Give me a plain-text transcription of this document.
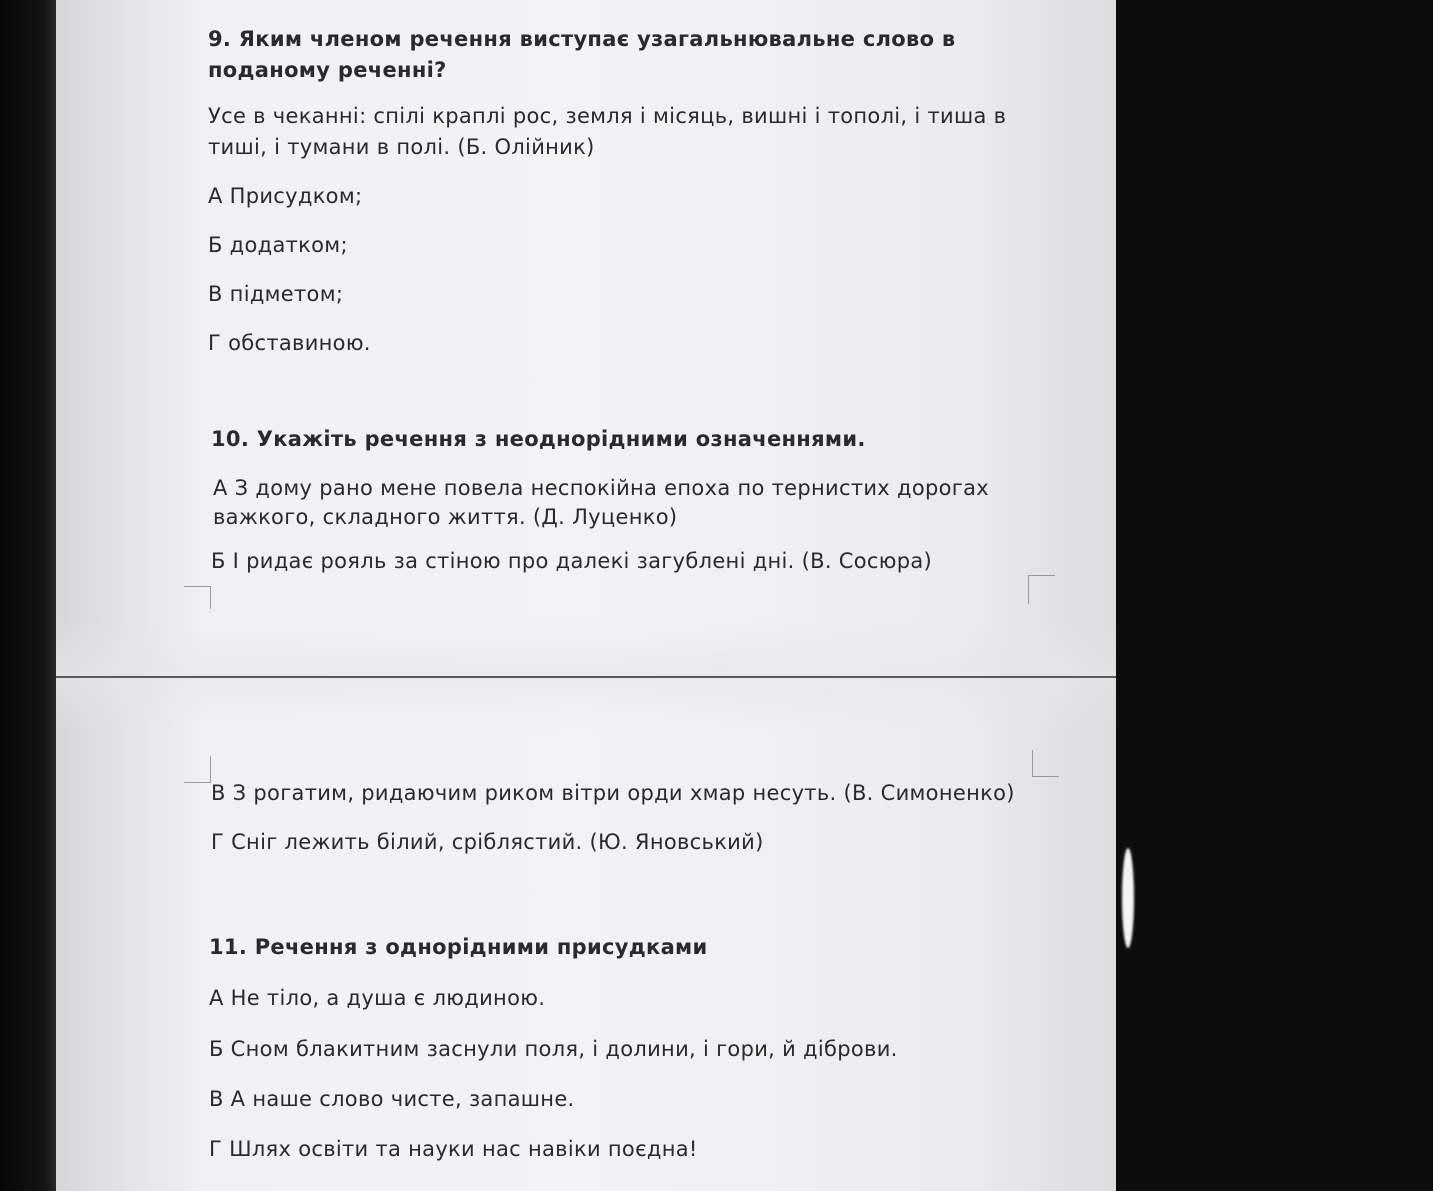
9. Яким членом речення виступає узагальнювальне слово в
поданому реченні?
Усе в чеканні: спілі краплі рос, земля і місяць, вишні і тополі, і тиша в
тиші, і тумани в полі. (Б. Олійник)
А Присудком;
Б додатком;
В підметом;
Г обставиною.
10. Укажіть речення з неоднорідними означеннями.
А З дому рано мене повела неспокійна епоха по тернистих дорогах
важкого, складного життя. (Д. Луценко)
Б І ридає рояль за стіною про далекі загублені дні. (В. Сосюра)
В З рогатим, ридаючим риком вітри орди хмар несуть. (В. Симоненко)
Г Сніг лежить білий, сріблястий. (Ю. Яновський)
11. Речення з однорідними присудками
А Не тіло, а душа є людиною.
Б Сном блакитним заснули поля, і долини, і гори, й діброви.
В А наше слово чисте, запашне.
Г Шлях освіти та науки нас навіки поєдна!
